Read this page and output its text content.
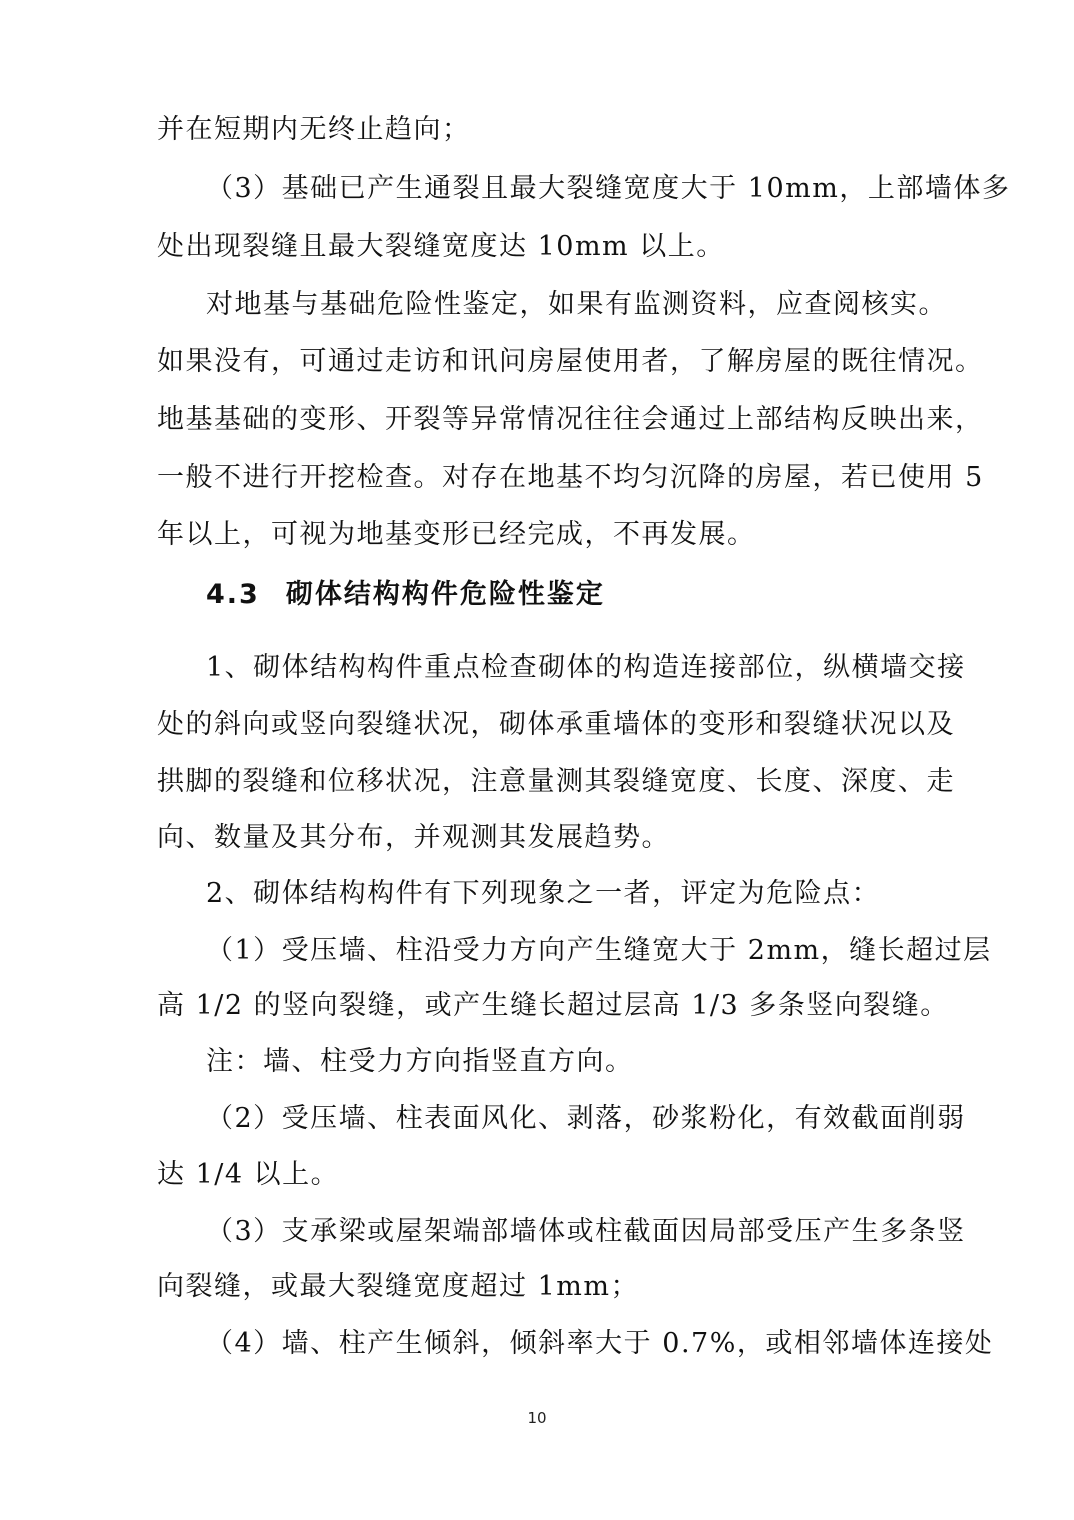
并在短期内无终止趋向；
（3）基础已产生通裂且最大裂缝宽度大于 10mm，上部墙体多
处出现裂缝且最大裂缝宽度达 10mm 以上。
对地基与基础危险性鉴定，如果有监测资料，应查阅核实。
如果没有，可通过走访和讯问房屋使用者，了解房屋的既往情况。
地基基础的变形、开裂等异常情况往往会通过上部结构反映出来，
一般不进行开挖检查。对存在地基不均匀沉降的房屋，若已使用 5
年以上，可视为地基变形已经完成，不再发展。
4.3 砌体结构构件危险性鉴定
1、砌体结构构件重点检查砌体的构造连接部位，纵横墙交接
处的斜向或竖向裂缝状况，砌体承重墙体的变形和裂缝状况以及
拱脚的裂缝和位移状况，注意量测其裂缝宽度、长度、深度、走
向、数量及其分布，并观测其发展趋势。
2、砌体结构构件有下列现象之一者，评定为危险点：
（1）受压墙、柱沿受力方向产生缝宽大于 2mm，缝长超过层
高 1/2 的竖向裂缝，或产生缝长超过层高 1/3 多条竖向裂缝。
注：墙、柱受力方向指竖直方向。
（2）受压墙、柱表面风化、剥落，砂浆粉化，有效截面削弱
达 1/4 以上。
（3）支承梁或屋架端部墙体或柱截面因局部受压产生多条竖
向裂缝，或最大裂缝宽度超过 1mm；
（4）墙、柱产生倾斜，倾斜率大于 0.7%，或相邻墙体连接处
10
